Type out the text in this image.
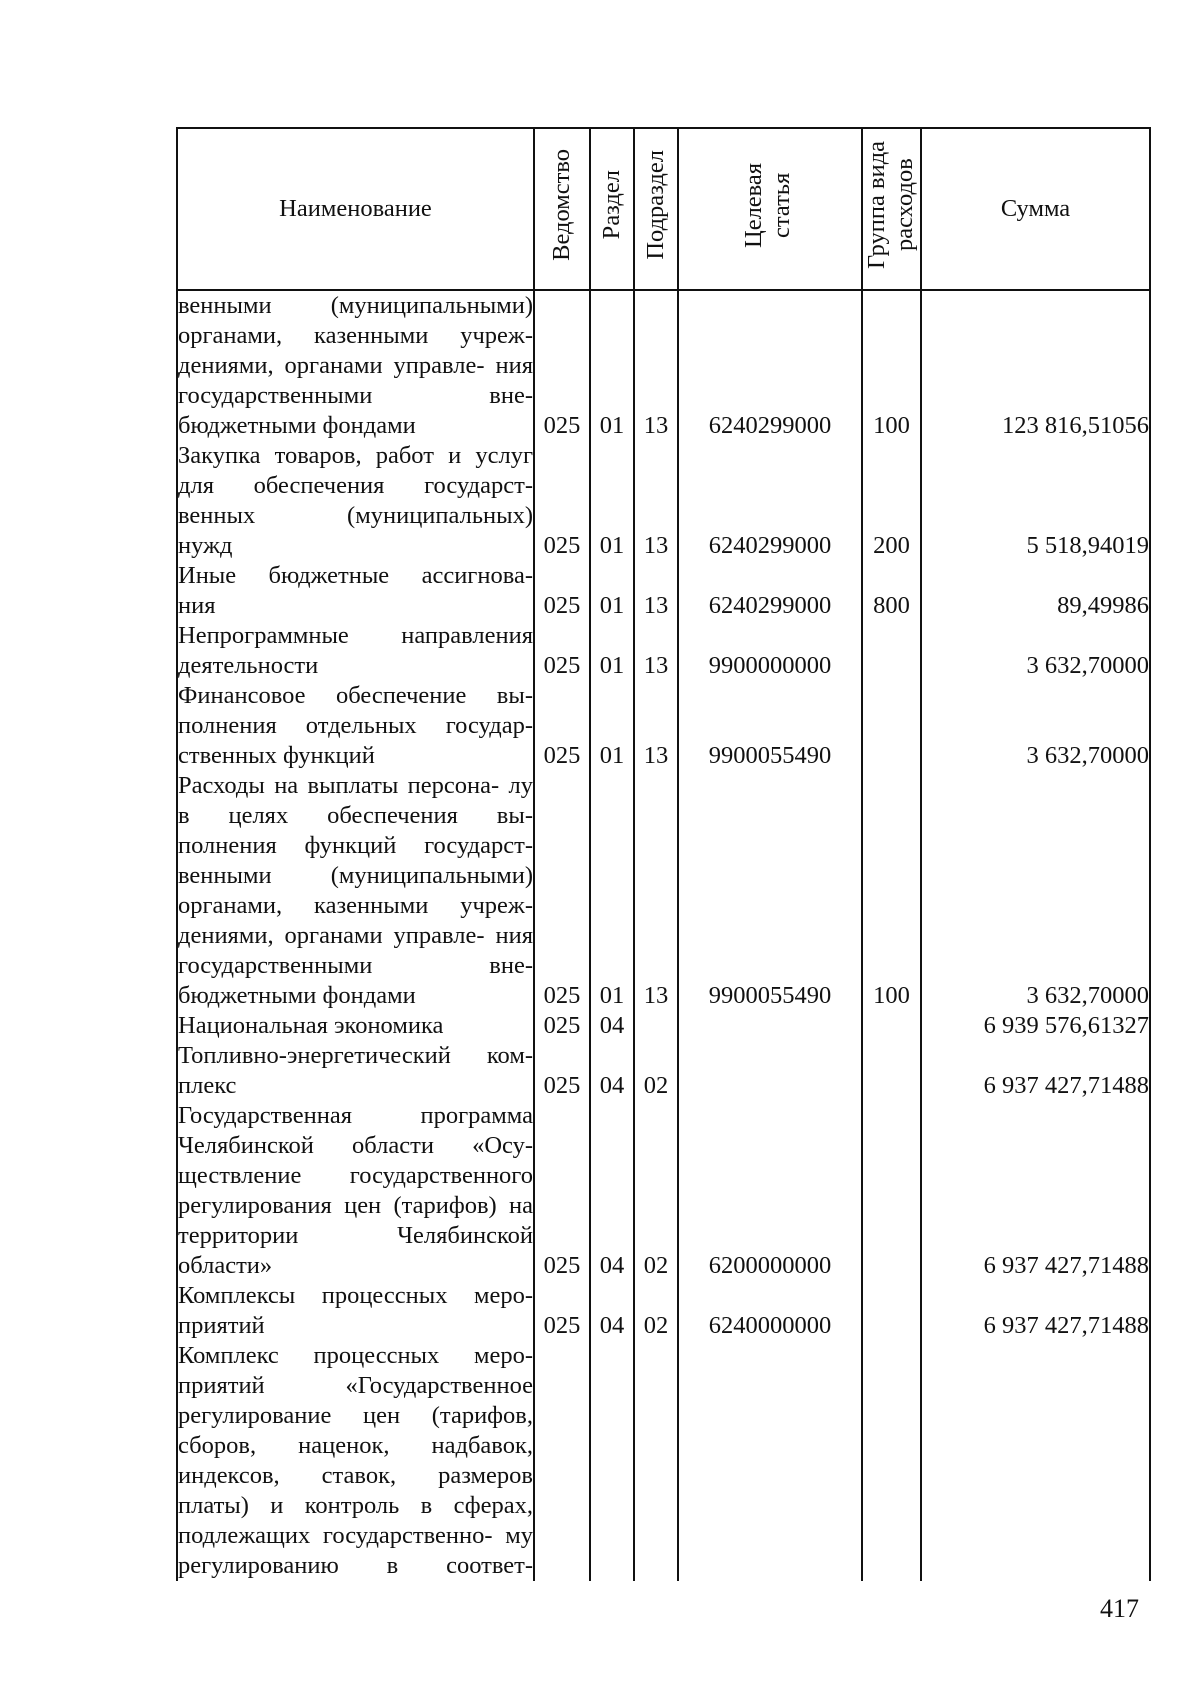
Наименование	Ведомство	Раздел	Подраздел	Целевая статья	Группа вида расходов	Сумма
венными (муниципальными) органами, казенными учреж- дениями, органами управле- ния государственными вне-
бюджетными фондами	025	01	13	6240299000	100	123 816,51056
Закупка товаров, работ и услуг для обеспечения государст- венных (муниципальных)
нужд	025	01	13	6240299000	200	5 518,94019
Иные бюджетные ассигнова-
ния	025	01	13	6240299000	800	89,49986
Непрограммные направления
деятельности	025	01	13	9900000000		3 632,70000
Финансовое обеспечение вы- полнения отдельных государ-
ственных функций	025	01	13	9900055490		3 632,70000
Расходы на выплаты персона- лу в целях обеспечения вы- полнения функций государст- венными (муниципальными) органами, казенными учреж- дениями, органами управле- ния государственными вне-
бюджетными фондами	025	01	13	9900055490	100	3 632,70000

Национальная экономика	025	04				6 939 576,61327
Топливно-энергетический ком-
плекс	025	04	02			6 937 427,71488
Государственная программа Челябинской области «Осу- ществление государственного регулирования цен (тарифов) на территории Челябинской
области»	025	04	02	6200000000		6 937 427,71488
Комплексы процессных меро-
приятий	025	04	02	6240000000		6 937 427,71488
Комплекс процессных меро- приятий «Государственное регулирование цен (тарифов, сборов, наценок, надбавок, индексов, ставок, размеров платы) и контроль в сферах, подлежащих государственно- му регулированию в соответ-						
417
